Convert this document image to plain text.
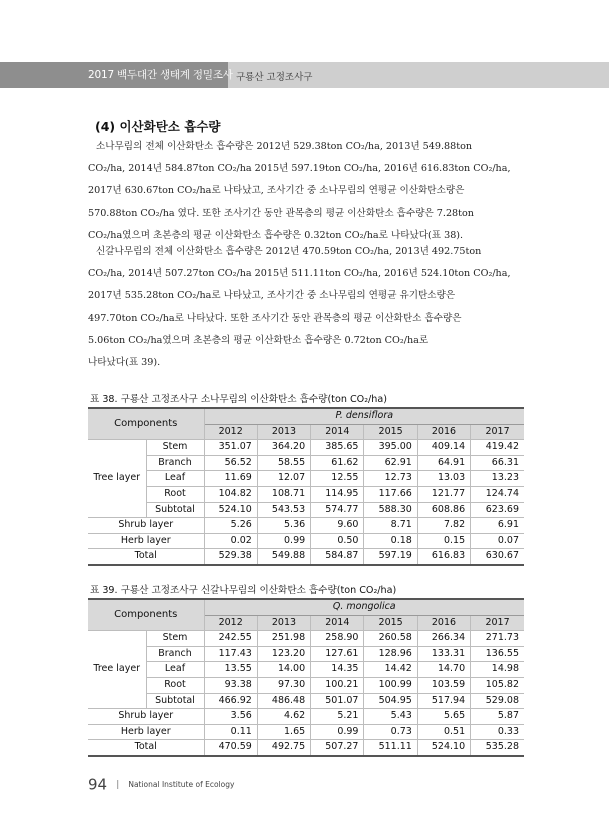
2017 백두대간 생태계 정밀조사 구룡산 고정조사구
(4) 이산화탄소 흡수량
소나무림의 전체 이산화탄소 흡수량은 2012년 529.38ton CO₂/ha, 2013년 549.88ton
CO₂/ha, 2014년 584.87ton CO₂/ha 2015년 597.19ton CO₂/ha, 2016년 616.83ton CO₂/ha,
2017년 630.67ton CO₂/ha로 나타났고, 조사기간 중 소나무림의 연평균 이산화탄소량은
570.88ton CO₂/ha 였다. 또한 조사기간 동안 관목층의 평균 이산화탄소 흡수량은 7.28ton
CO₂/ha였으며 초본층의 평균 이산화탄소 흡수량은 0.32ton CO₂/ha로 나타났다(표 38).
신갈나무림의 전체 이산화탄소 흡수량은 2012년 470.59ton CO₂/ha, 2013년 492.75ton
CO₂/ha, 2014년 507.27ton CO₂/ha 2015년 511.11ton CO₂/ha, 2016년 524.10ton CO₂/ha,
2017년 535.28ton CO₂/ha로 나타났고, 조사기간 중 소나무림의 연평균 유기탄소량은
497.70ton CO₂/ha로 나타났다. 또한 조사기간 동안 관목층의 평균 이산화탄소 흡수량은
5.06ton CO₂/ha였으며 초본층의 평균 이산화탄소 흡수량은 0.72ton CO₂/ha로
나타났다(표 39).
표 38. 구룡산 고정조사구 소나무림의 이산화탄소 흡수량(ton CO₂/ha)
Components		P. densiflora					
		2012	2013	2014	2015	2016	2017
Tree layer	Stem	351.07	364.20	385.65	395.00	409.14	419.42
	Branch	56.52	58.55	61.62	62.91	64.91	66.31
	Leaf	11.69	12.07	12.55	12.73	13.03	13.23
	Root	104.82	108.71	114.95	117.66	121.77	124.74
	Subtotal	524.10	543.53	574.77	588.30	608.86	623.69
Shrub layer		5.26	5.36	9.60	8.71	7.82	6.91
Herb layer		0.02	0.99	0.50	0.18	0.15	0.07
Total		529.38	549.88	584.87	597.19	616.83	630.67
표 39. 구룡산 고정조사구 신갈나무림의 이산화탄소 흡수량(ton CO₂/ha)
Components		Q. mongolica					
		2012	2013	2014	2015	2016	2017
Tree layer	Stem	242.55	251.98	258.90	260.58	266.34	271.73
	Branch	117.43	123.20	127.61	128.96	133.31	136.55
	Leaf	13.55	14.00	14.35	14.42	14.70	14.98
	Root	93.38	97.30	100.21	100.99	103.59	105.82
	Subtotal	466.92	486.48	501.07	504.95	517.94	529.08
Shrub layer		3.56	4.62	5.21	5.43	5.65	5.87
Herb layer		0.11	1.65	0.99	0.73	0.51	0.33
Total		470.59	492.75	507.27	511.11	524.10	535.28
94 | National Institute of Ecology
